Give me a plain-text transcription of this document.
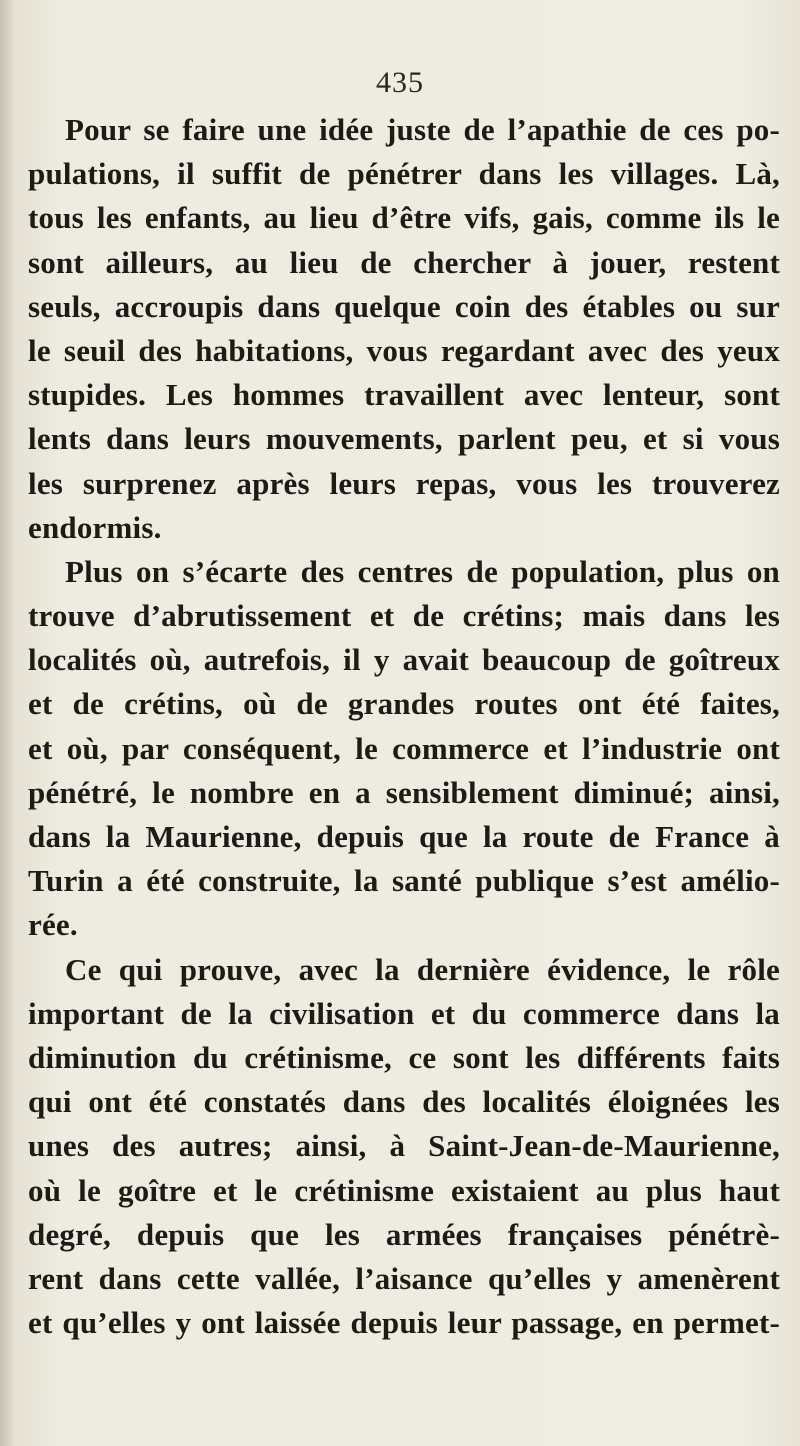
435
Pour se faire une idée juste de l’apathie de ces po-
pulations, il suffit de pénétrer dans les villages. Là,
tous les enfants, au lieu d’être vifs, gais, comme ils le
sont ailleurs, au lieu de chercher à jouer, restent
seuls, accroupis dans quelque coin des étables ou sur
le seuil des habitations, vous regardant avec des yeux
stupides. Les hommes travaillent avec lenteur, sont
lents dans leurs mouvements, parlent peu, et si vous
les surprenez après leurs repas, vous les trouverez
endormis.
Plus on s’écarte des centres de population, plus on
trouve d’abrutissement et de crétins; mais dans les
localités où, autrefois, il y avait beaucoup de goîtreux
et de crétins, où de grandes routes ont été faites,
et où, par conséquent, le commerce et l’industrie ont
pénétré, le nombre en a sensiblement diminué; ainsi,
dans la Maurienne, depuis que la route de France à
Turin a été construite, la santé publique s’est amélio-
rée.
Ce qui prouve, avec la dernière évidence, le rôle
important de la civilisation et du commerce dans la
diminution du crétinisme, ce sont les différents faits
qui ont été constatés dans des localités éloignées les
unes des autres; ainsi, à Saint-Jean-de-Maurienne,
où le goître et le crétinisme existaient au plus haut
degré, depuis que les armées françaises pénétrè-
rent dans cette vallée, l’aisance qu’elles y amenèrent
et qu’elles y ont laissée depuis leur passage, en permet-
